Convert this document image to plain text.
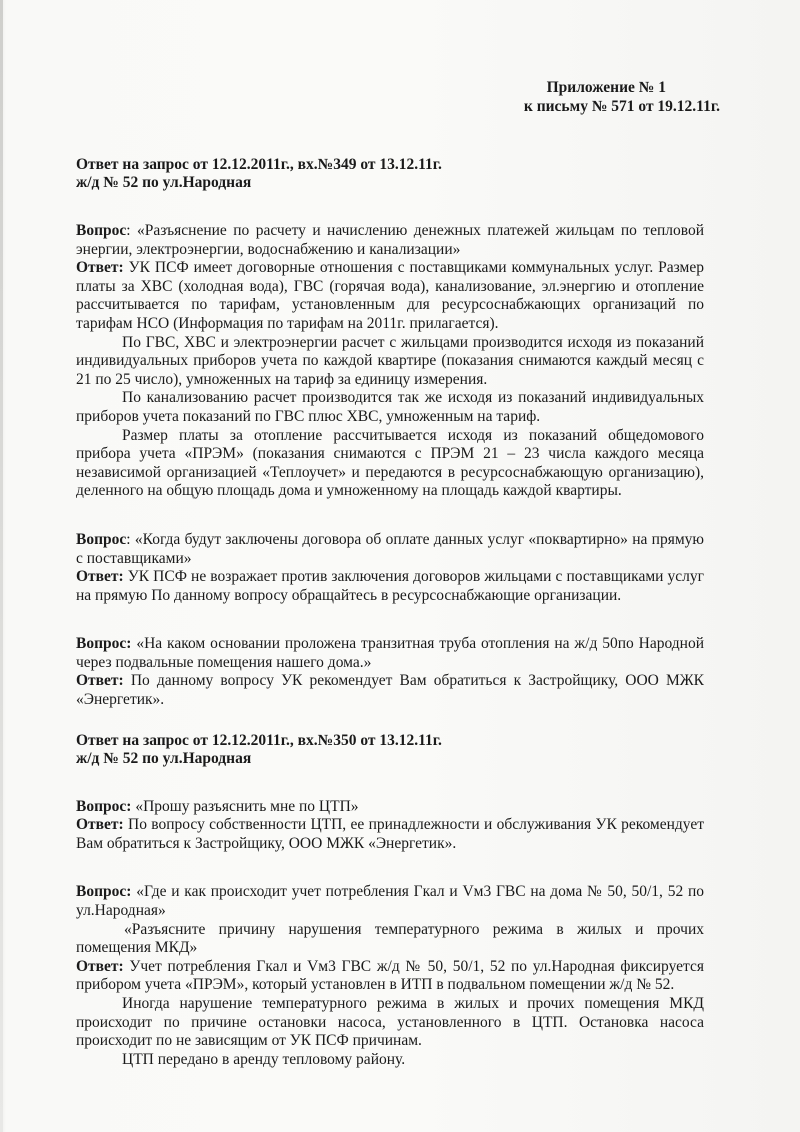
Приложение № 1
к письму № 571 от 19.12.11г.
Ответ на запрос от 12.12.2011г., вх.№349 от 13.12.11г.
ж/д № 52 по ул.Народная

Вопрос: «Разъяснение по расчету и начислению денежных платежей жильцам по тепловой энергии, электроэнергии, водоснабжению и канализации»

Ответ: УК ПСФ имеет договорные отношения с поставщиками коммунальных услуг. Размер платы за ХВС (холодная вода), ГВС (горячая вода), канализование, эл.энергию и отопление рассчитывается по тарифам, установленным для ресурсоснабжающих организаций по тарифам НСО (Информация по тарифам на 2011г. прилагается).

По ГВС, ХВС и электроэнергии расчет с жильцами производится исходя из показаний индивидуальных приборов учета по каждой квартире (показания снимаются каждый месяц с 21 по 25 число), умноженных на тариф за единицу измерения.

По канализованию расчет производится так же исходя из показаний индивидуальных приборов учета показаний по ГВС плюс ХВС, умноженным на тариф.

Размер платы за отопление рассчитывается исходя из показаний общедомового прибора учета «ПРЭМ» (показания снимаются с ПРЭМ 21 – 23 числа каждого месяца независимой организацией «Теплоучет» и передаются в ресурсоснабжающую организацию), деленного на общую площадь дома и умноженному на площадь каждой квартиры.

Вопрос: «Когда будут заключены договора об оплате данных услуг «поквартирно» на прямую с поставщиками»

Ответ: УК ПСФ не возражает против заключения договоров жильцами с поставщиками услуг на прямую По данному вопросу обращайтесь в ресурсоснабжающие организации.

Вопрос: «На каком основании проложена транзитная труба отопления на ж/д 50по Народной через подвальные помещения нашего дома.»

Ответ: По данному вопросу УК рекомендует Вам обратиться к Застройщику, ООО МЖК «Энергетик».

Ответ на запрос от 12.12.2011г., вх.№350 от 13.12.11г.
ж/д № 52 по ул.Народная

Вопрос: «Прошу разъяснить мне по ЦТП»

Ответ: По вопросу собственности ЦТП, ее принадлежности и обслуживания УК рекомендует Вам обратиться к Застройщику, ООО МЖК «Энергетик».

Вопрос: «Где и как происходит учет потребления Гкал и Vм3 ГВС на дома № 50, 50/1, 52 по ул.Народная»

«Разъясните причину нарушения температурного режима в жилых и прочих помещения МКД»

Ответ: Учет потребления Гкал и Vм3 ГВС ж/д № 50, 50/1, 52 по ул.Народная фиксируется прибором учета «ПРЭМ», который установлен в ИТП в подвальном помещении ж/д № 52.

Иногда нарушение температурного режима в жилых и прочих помещения МКД происходит по причине остановки насоса, установленного в ЦТП. Остановка насоса происходит по не зависящим от УК ПСФ причинам.

ЦТП передано в аренду тепловому району.
